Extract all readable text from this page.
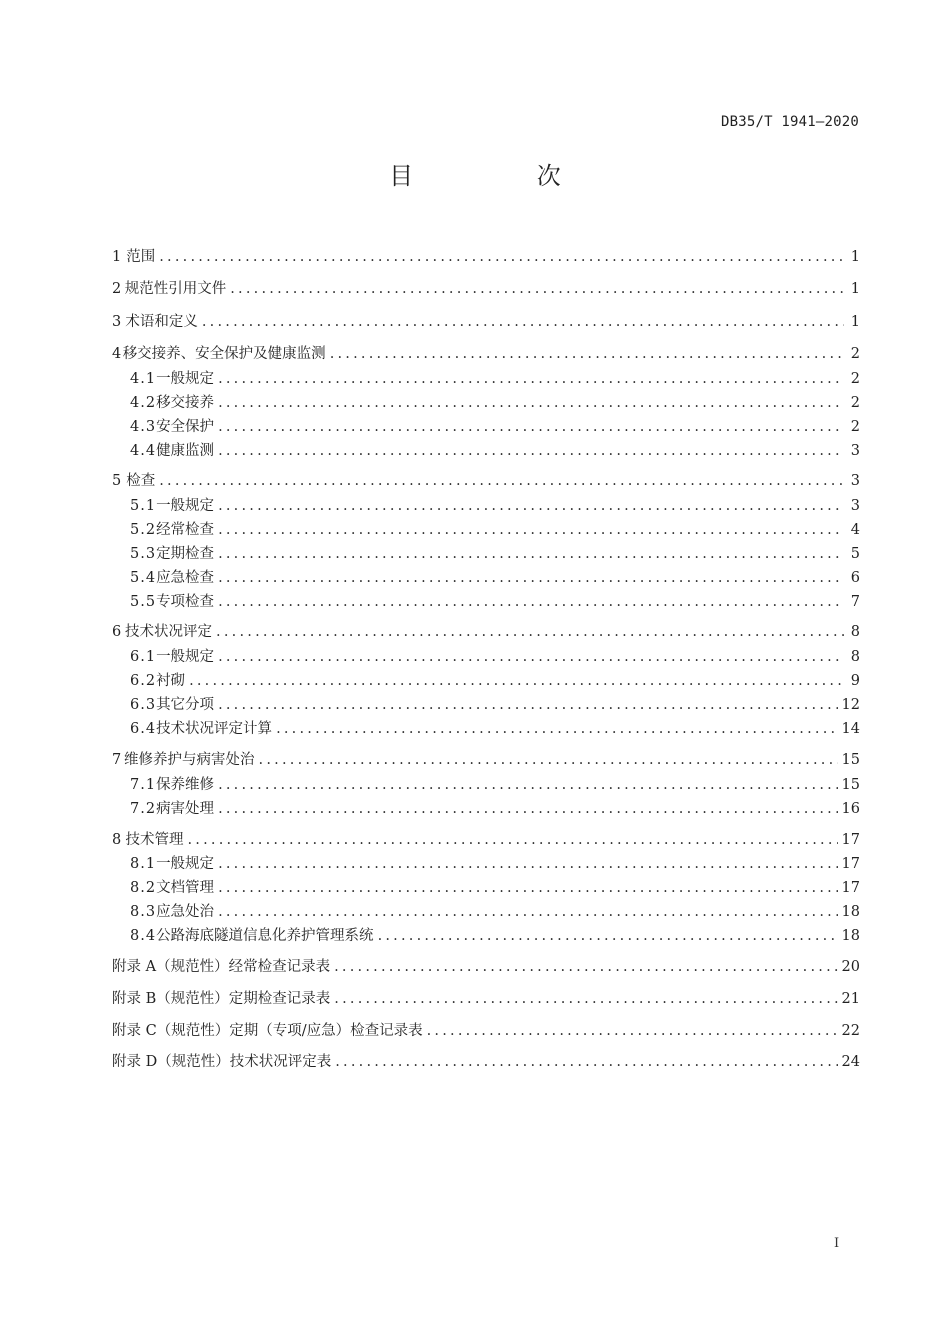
DB35/T 1941—2020
目 次
1 范围 .....	1
2 规范性引用文件 .....	1
3 术语和定义 .....	1
4 移交接养、安全保护及健康监测 .....	2
4.1 一般规定 .....	2
4.2 移交接养 .....	2
4.3 安全保护 .....	2
4.4 健康监测 .....	3
5 检查 .....	3
5.1 一般规定 .....	3
5.2 经常检查 .....	4
5.3 定期检查 .....	5
5.4 应急检查 .....	6
5.5 专项检查 .....	7
6 技术状况评定 .....	8
6.1 一般规定 .....	8
6.2 衬砌 .....	9
6.3 其它分项 .....	12
6.4 技术状况评定计算 .....	14
7 维修养护与病害处治 .....	15
7.1 保养维修 .....	15
7.2 病害处理 .....	16
8 技术管理 .....	17
8.1 一般规定 .....	17
8.2 文档管理 .....	17
8.3 应急处治 .....	18
8.4 公路海底隧道信息化养护管理系统 .....	18
附录 A（规范性） 经常检查记录表 .....	20
附录 B（规范性） 定期检查记录表 .....	21
附录 C（规范性） 定期（专项/应急）检查记录表 .....	22
附录 D（规范性） 技术状况评定表 .....	24
I
